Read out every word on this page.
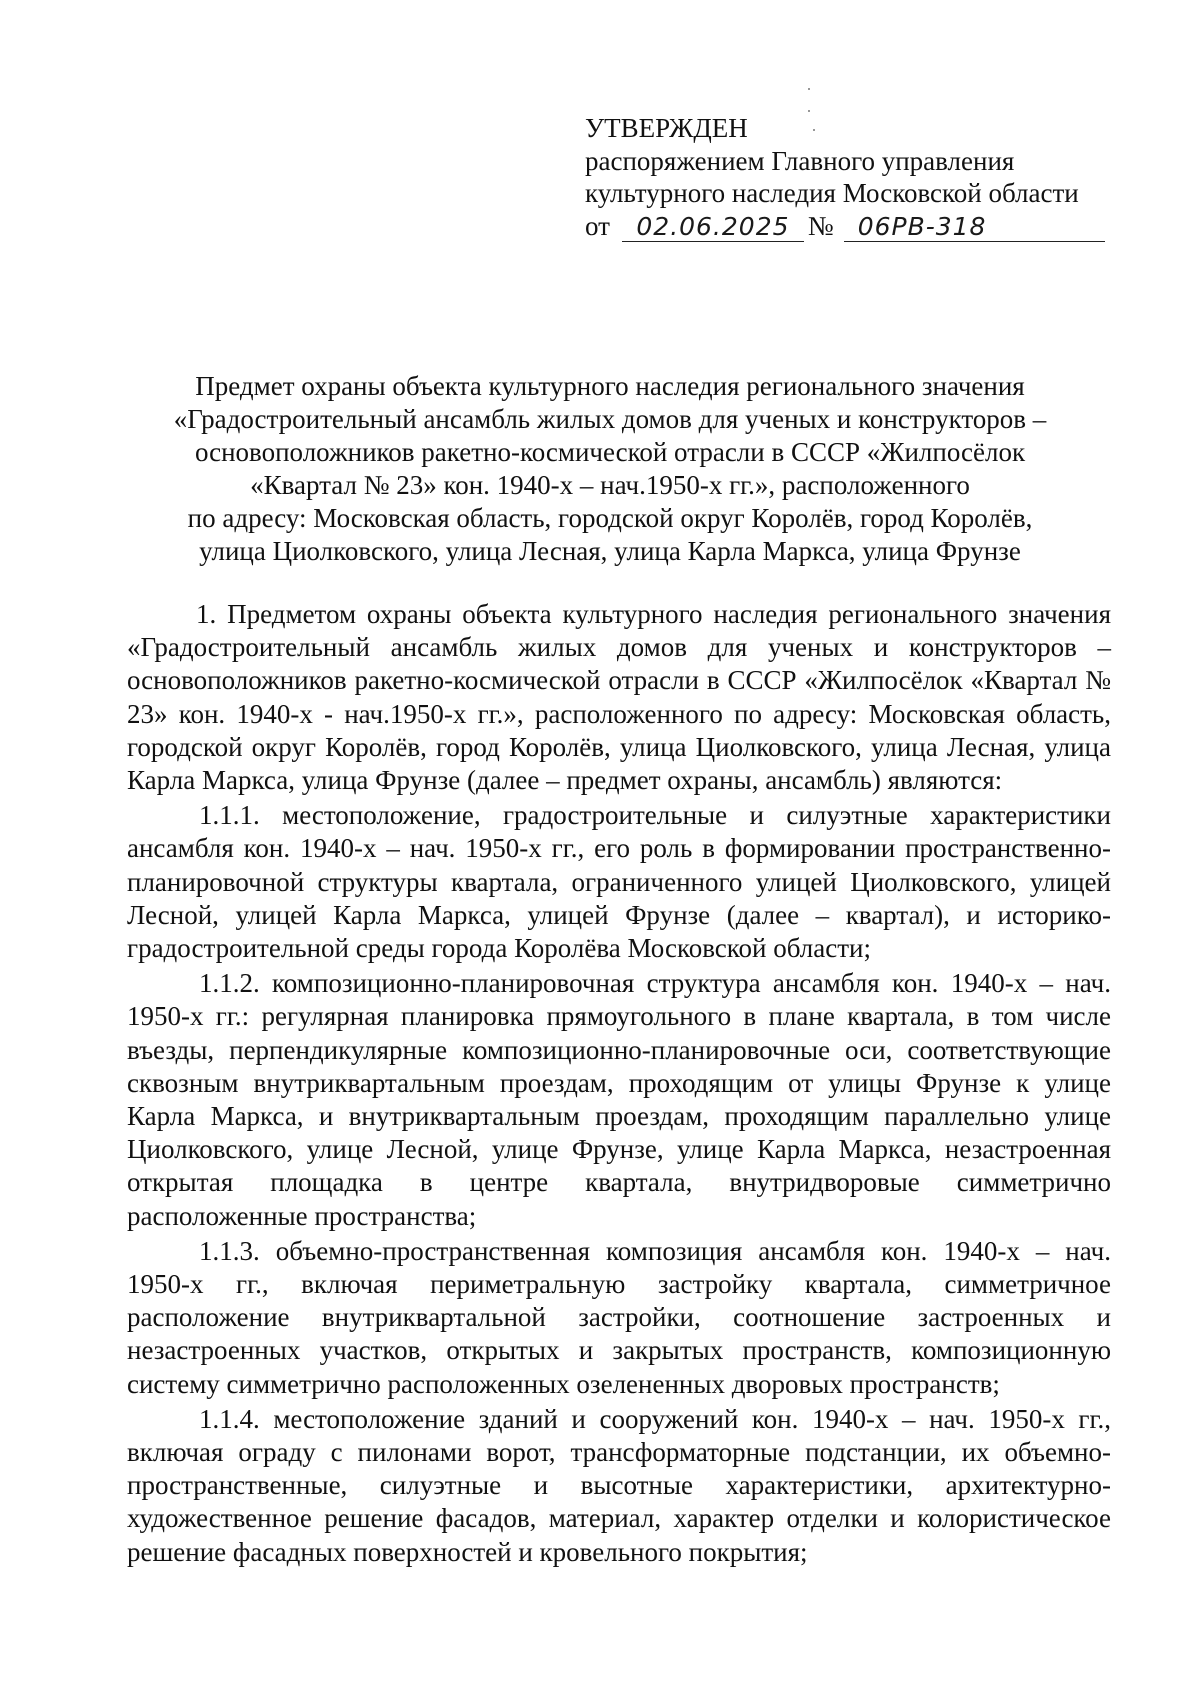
УТВЕРЖДЕН
распоряжением Главного управления
культурного наследия Московской области
от	02.06.2025 № 06РВ-318
Предмет охраны объекта культурного наследия регионального значения
«Градостроительный ансамбль жилых домов для ученых и конструкторов –
основоположников ракетно-космической отрасли в СССР «Жилпосёлок
«Квартал № 23» кон. 1940-х – нач.1950-х гг.», расположенного
по адресу: Московская область, городской округ Королёв, город Королёв,
улица Циолковского, улица Лесная, улица Карла Маркса, улица Фрунзе

1. Предметом охраны объекта культурного наследия регионального значения «Градостроительный ансамбль жилых домов для ученых и конструкторов – основоположников ракетно-космической отрасли в СССР «Жилпосёлок «Квартал № 23» кон. 1940-х - нач.1950-х гг.», расположенного по адресу: Московская область, городской округ Королёв, город Королёв, улица Циолковского, улица Лесная, улица Карла Маркса, улица Фрунзе (далее – предмет охраны, ансамбль) являются:

1.1.1. местоположение, градостроительные и силуэтные характеристики ансамбля кон. 1940-х – нач. 1950-х гг., его роль в формировании пространственно-планировочной структуры квартала, ограниченного улицей Циолковского, улицей Лесной, улицей Карла Маркса, улицей Фрунзе (далее – квартал), и историко-градостроительной среды города Королёва Московской области;

1.1.2. композиционно-планировочная структура ансамбля кон. 1940-х – нач. 1950-х гг.: регулярная планировка прямоугольного в плане квартала, в том числе въезды, перпендикулярные композиционно-планировочные оси, соответствующие сквозным внутриквартальным проездам, проходящим от улицы Фрунзе к улице Карла Маркса, и внутриквартальным проездам, проходящим параллельно улице Циолковского, улице Лесной, улице Фрунзе, улице Карла Маркса, незастроенная открытая площадка в центре квартала, внутридворовые симметрично расположенные пространства;

1.1.3. объемно-пространственная композиция ансамбля кон. 1940-х – нач. 1950-х гг., включая периметральную застройку квартала, симметричное расположение внутриквартальной застройки, соотношение застроенных и незастроенных участков, открытых и закрытых пространств, композиционную систему симметрично расположенных озелененных дворовых пространств;

1.1.4. местоположение зданий и сооружений кон. 1940-х – нач. 1950-х гг., включая ограду с пилонами ворот, трансформаторные подстанции, их объемно-пространственные, силуэтные и высотные характеристики, архитектурно-художественное решение фасадов, материал, характер отделки и колористическое решение фасадных поверхностей и кровельного покрытия;
